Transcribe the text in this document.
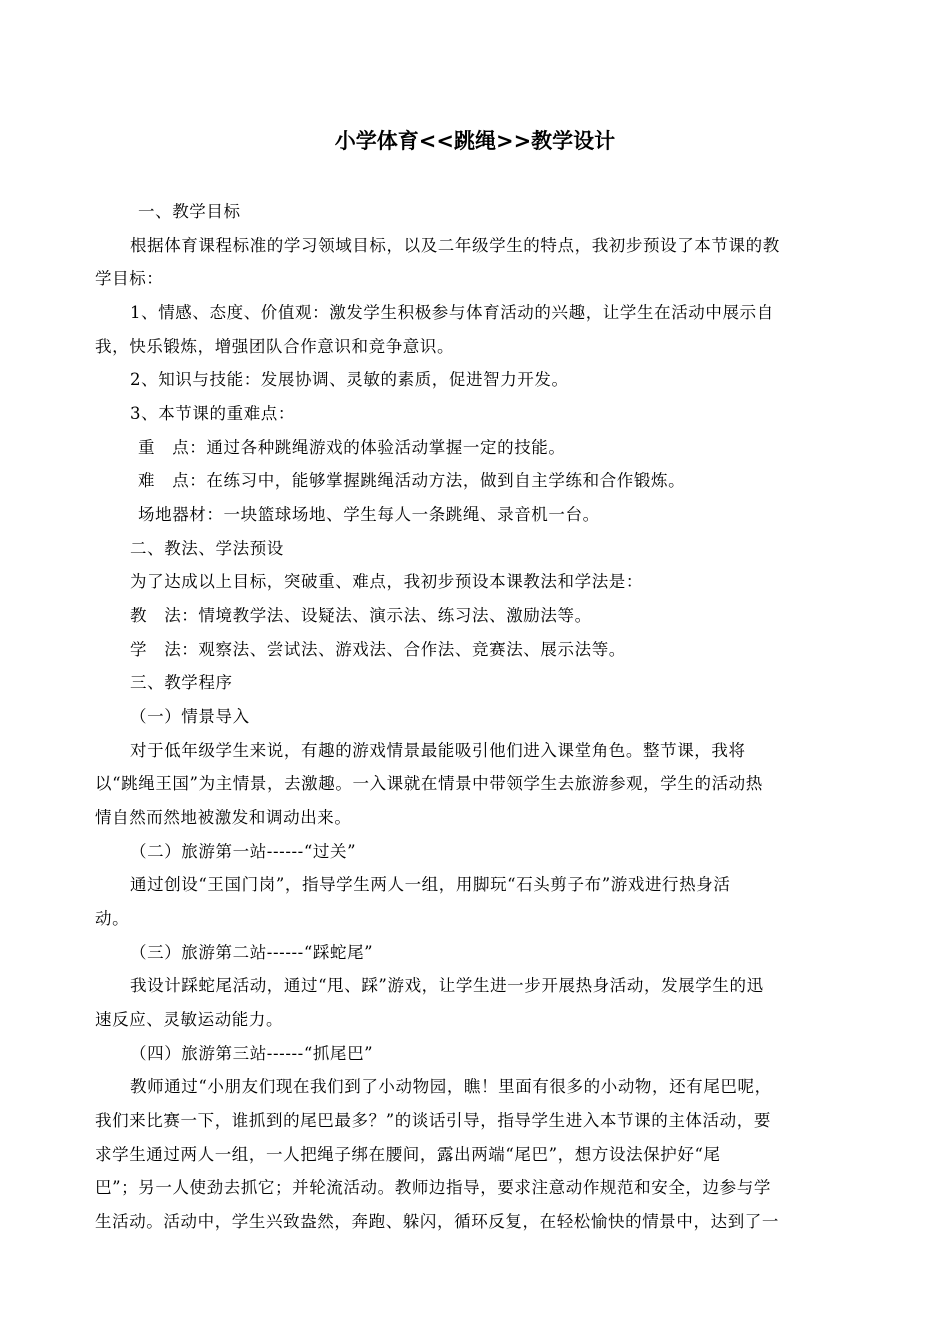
小学体育<<跳绳>>教学设计
一、教学目标
根据体育课程标准的学习领域目标，以及二年级学生的特点，我初步预设了本节课的教
学目标：
1、情感、态度、价值观：激发学生积极参与体育活动的兴趣，让学生在活动中展示自
我，快乐锻炼，增强团队合作意识和竞争意识。
2、知识与技能：发展协调、灵敏的素质，促进智力开发。
3、本节课的重难点：
重　点：通过各种跳绳游戏的体验活动掌握一定的技能。
难　点：在练习中，能够掌握跳绳活动方法，做到自主学练和合作锻炼。
场地器材：一块篮球场地、学生每人一条跳绳、录音机一台。
二、教法、学法预设
为了达成以上目标，突破重、难点，我初步预设本课教法和学法是：
教　法：情境教学法、设疑法、演示法、练习法、激励法等。
学　法：观察法、尝试法、游戏法、合作法、竞赛法、展示法等。
三、教学程序
（一）情景导入
对于低年级学生来说，有趣的游戏情景最能吸引他们进入课堂角色。整节课，我将
以“跳绳王国”为主情景，去激趣。一入课就在情景中带领学生去旅游参观，学生的活动热
情自然而然地被激发和调动出来。
（二）旅游第一站------“过关”
通过创设“王国门岗”，指导学生两人一组，用脚玩“石头剪子布”游戏进行热身活
动。
（三）旅游第二站------“踩蛇尾”
我设计踩蛇尾活动，通过“甩、踩”游戏，让学生进一步开展热身活动，发展学生的迅
速反应、灵敏运动能力。
（四）旅游第三站------“抓尾巴”
教师通过“小朋友们现在我们到了小动物园，瞧！里面有很多的小动物，还有尾巴呢，
我们来比赛一下，谁抓到的尾巴最多？”的谈话引导，指导学生进入本节课的主体活动，要
求学生通过两人一组，一人把绳子绑在腰间，露出两端“尾巴”，想方设法保护好“尾
巴”；另一人使劲去抓它；并轮流活动。教师边指导，要求注意动作规范和安全，边参与学
生活动。活动中，学生兴致盎然，奔跑、躲闪，循环反复，在轻松愉快的情景中，达到了一
